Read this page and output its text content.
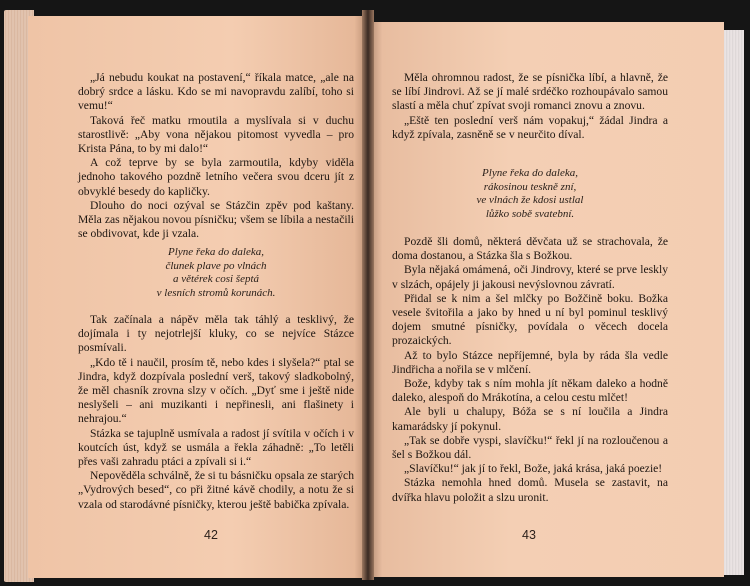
„Já nebudu koukat na postavení,“ říkala matce, „ale na dobrý srdce a lásku. Kdo se mi navopravdu zalíbí, toho si vemu!“

Taková řeč matku rmoutila a myslívala si v duchu starostlivě: „Aby vona nějakou pitomost vyvedla – pro Krista Pána, to by mi dalo!“

A což teprve by se byla zarmoutila, kdyby viděla jednoho takového pozdně letního večera svou dceru jít z obvyklé besedy do kapličky.

Dlouho do noci ozýval se Stázčin zpěv pod kaštany. Měla zas nějakou novou písničku; všem se líbila a nestačili se obdivovat, kde ji vzala.

Plyne řeka do daleka,

člunek plave po vlnách

a větérek cosi šeptá

v lesních stromů korunách.

Tak začínala a nápěv měla tak táhlý a tesklivý, že dojímala i ty nejotrlejší kluky, co se nejvíce Stázce posmívali.

„Kdo tě i naučil, prosím tě, nebo kdes i slyšela?“ ptal se Jindra, když dozpívala poslední verš, takový sladkobolný, že měl chasník zrovna slzy v očích. „Dyť sme i ještě nide neslyšeli – ani muzikanti i nepřinesli, ani flašinety i nehrajou.“

Stázka se tajuplně usmívala a radost jí svítila v očích i v koutcích úst, když se usmála a řekla záhadně: „To letěli přes vaši zahradu ptáci a zpívali si i.“

Nepověděla schválně, že si tu básničku opsala ze starých „Vydrových besed“, co při žitné kávě chodily, a notu že si vzala od starodávné písničky, kterou ještě babička zpívala.

42

Měla ohromnou radost, že se písnička líbí, a hlavně, že se líbí Jindrovi. Až se jí malé srdéčko rozhoupávalo samou slastí a měla chuť zpívat svoji romanci znovu a znovu.

„Eště ten poslední verš nám vopakuj,“ žádal Jindra a když zpívala, zasněně se v neurčito díval.

Plyne řeka do daleka,

rákosinou teskně zní,

ve vlnách že kdosi ustlal

lůžko sobě svatební.

Pozdě šli domů, některá děvčata už se strachovala, že doma dostanou, a Stázka šla s Božkou.

Byla nějaká omámená, oči Jindrovy, které se prve leskly v slzách, opájely ji jakousi nevýslovnou závratí.

Přidal se k nim a šel mlčky po Božčině boku. Božka vesele švitořila a jako by hned u ní byl pominul tesklivý dojem smutné písničky, povídala o věcech docela prozaických.

Až to bylo Stázce nepříjemné, byla by ráda šla vedle Jindřicha a nořila se v mlčení.

Bože, kdyby tak s ním mohla jít někam daleko a hodně daleko, alespoň do Mrákotína, a celou cestu mlčet!

Ale byli u chalupy, Bóža se s ní loučila a Jindra kamarádsky jí pokynul.

„Tak se dobře vyspi, slavíčku!“ řekl jí na rozloučenou a šel s Božkou dál.

„Slavíčku!“ jak jí to řekl, Bože, jaká krása, jaká poezie!

Stázka nemohla hned domů. Musela se zastavit, na dvířka hlavu položit a slzu uronit.

43
